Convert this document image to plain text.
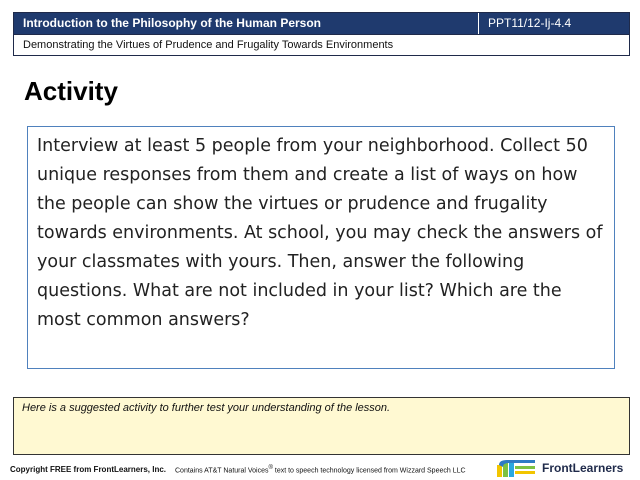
Introduction to the Philosophy of the Human Person	PPT11/12-Ij-4.4
Demonstrating the Virtues of Prudence and Frugality Towards Environments
Activity
Interview at least 5 people from your neighborhood. Collect 50 unique responses from them and create a list of ways on how the people can show the virtues or prudence and frugality towards environments. At school, you may check the answers of your classmates with yours. Then, answer the following questions. What are not included in your list? Which are the most common answers?
Here is a suggested activity to further test your understanding of the lesson.
Copyright FREE from FrontLearners, Inc. Contains AT&T Natural Voices® text to speech technology licensed from Wizzard Speech LLC	FrontLearners
